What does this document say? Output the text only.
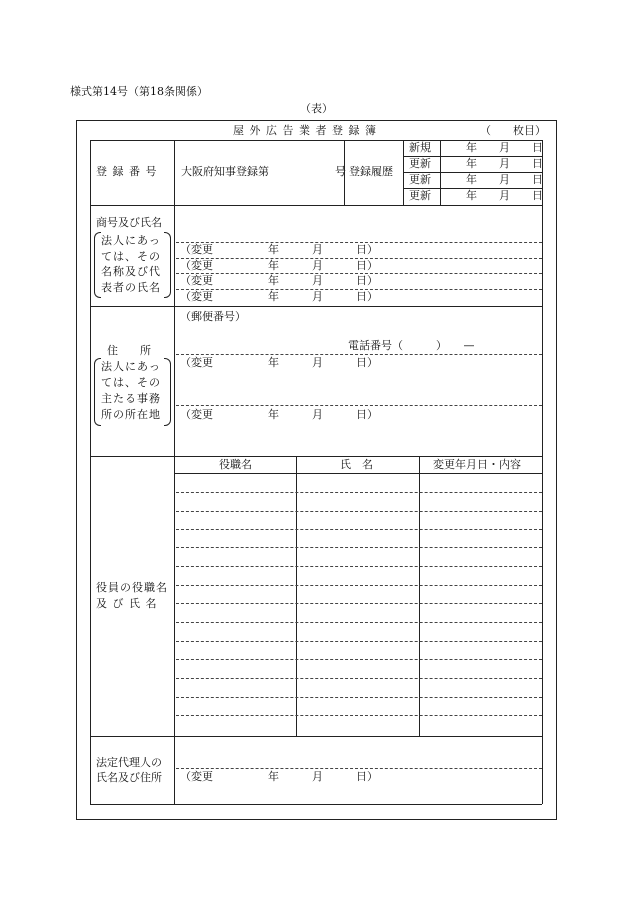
様式第14号（第18条関係）
（表）
屋 外 広 告 業 者 登 録 簿	（　　枚目）
登 録 番 号 大阪府知事登録第　　　　　　号 登録履歴
新規	年　　月　　日
更新	年　　月　　日
更新	年　　月　　日
更新	年　　月　　日
商号及び氏名
法人にあっ
ては、その
名称及び代
表者の氏名
（変更　　　　　年　　　月　　　日）
（変更　　　　　年　　　月　　　日）
（変更　　　　　年　　　月　　　日）
（変更　　　　　年　　　月　　　日）
住　　所
法人にあっ
ては、その
主たる事務
所の所在地
（郵便番号）
電話番号（　　　）　　—
（変更　　　　　年　　　月　　　日）
（変更　　　　　年　　　月　　　日）
役員の役職名
及 び 氏 名
役職名	氏　名	変更年月日・内容
法定代理人の
氏名及び住所 （変更　　　　　年　　　月　　　日）
